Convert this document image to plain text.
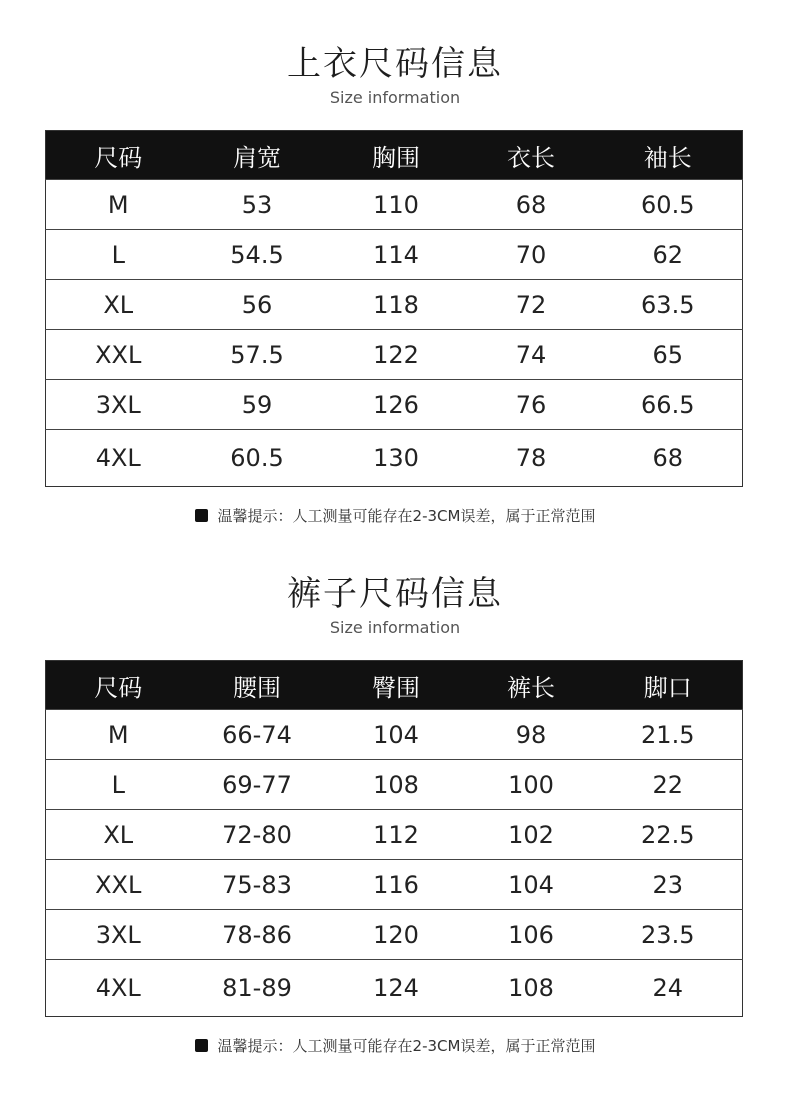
上衣尺码信息
Size information
尺码	肩宽	胸围	衣长	袖长
M	53	110	68	60.5
L	54.5	114	70	62
XL	56	118	72	63.5
XXL	57.5	122	74	65
3XL	59	126	76	66.5
4XL	60.5	130	78	68
温馨提示：人工测量可能存在2-3CM误差，属于正常范围
裤子尺码信息
Size information
尺码	腰围	臀围	裤长	脚口
M	66-74	104	98	21.5
L	69-77	108	100	22
XL	72-80	112	102	22.5
XXL	75-83	116	104	23
3XL	78-86	120	106	23.5
4XL	81-89	124	108	24
温馨提示：人工测量可能存在2-3CM误差，属于正常范围
